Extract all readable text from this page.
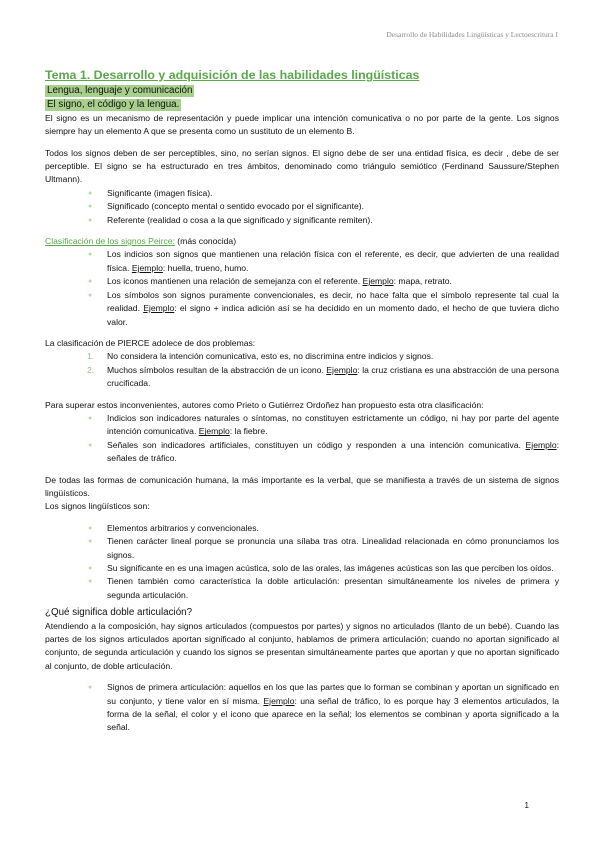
Desarrollo de Habilidades Lingüísticas y Lectoescritura I
Tema 1. Desarrollo y adquisición de las habilidades lingüísticas
Lengua, lenguaje y comunicación
El signo, el código y la lengua.

El signo es un mecanismo de representación y puede implicar una intención comunicativa o no por parte de la gente. Los signos siempre hay un elemento A que se presenta como un sustituto de un elemento B.

Todos los signos deben de ser perceptibles, sino, no serían signos. El signo debe de ser una entidad física, es decir , debe de ser perceptible. El signo se ha estructurado en tres ámbitos, denominado como triángulo semiótico (Ferdinand Saussure/Stephen Ultmann).

● Significante (imagen física).
● Significado (concepto mental o sentido evocado por el significante).
● Referente (realidad o cosa a la que significado y significante remiten).

Clasificación de los signos Peirce: (más conocida)

● Los indicios son signos que mantienen una relación física con el referente, es decir, que advierten de una realidad física. Ejemplo: huella, trueno, humo.
● Los iconos mantienen una relación de semejanza con el referente. Ejemplo: mapa, retrato.
● Los símbolos son signos puramente convencionales, es decir, no hace falta que el símbolo represente tal cual la realidad. Ejemplo: el signo + indica adición así se ha decidido en un momento dado, el hecho de que tuviera dicho valor.

La clasificación de PIERCE adolece de dos problemas:

1. No considera la intención comunicativa, esto es, no discrimina entre indicios y signos.
2. Muchos símbolos resultan de la abstracción de un icono. Ejemplo: la cruz cristiana es una abstracción de una persona crucificada.

Para superar estos inconvenientes, autores como Prieto o Gutiérrez Ordoñez han propuesto esta otra clasificación:

● Indicios son indicadores naturales o síntomas, no constituyen estrictamente un código, ni hay por parte del agente intención comunicativa. Ejemplo: la fiebre.
● Señales son indicadores artificiales, constituyen un código y responden a una intención comunicativa. Ejemplo: señales de tráfico.

De todas las formas de comunicación humana, la más importante es la verbal, que se manifiesta a través de un sistema de signos lingüísticos.

Los signos lingüísticos son:

● Elementos arbitrarios y convencionales.
● Tienen carácter lineal porque se pronuncia una sílaba tras otra. Linealidad relacionada en cómo pronunciamos los signos.
● Su significante en es una imagen acústica, solo de las orales, las imágenes acústicas son las que perciben los oídos.
● Tienen también como característica la doble articulación: presentan simultáneamente los niveles de primera y segunda articulación.

¿Qué significa doble articulación?

Atendiendo a la composición, hay signos articulados (compuestos por partes) y signos no articulados (llanto de un bebé). Cuando las partes de los signos articulados aportan significado al conjunto, hablamos de primera articulación; cuando no aportan significado al conjunto, de segunda articulación y cuando los signos se presentan simultáneamente partes que aportan y que no aportan significado al conjunto, de doble articulación.

● Signos de primera articulación: aquellos en los que las partes que lo forman se combinan y aportan un significado en su conjunto, y tiene valor en sí misma. Ejemplo: una señal de tráfico, lo es porque hay 3 elementos articulados, la forma de la señal, el color y el icono que aparece en la señal; los elementos se combinan y aporta significado a la señal.
1
